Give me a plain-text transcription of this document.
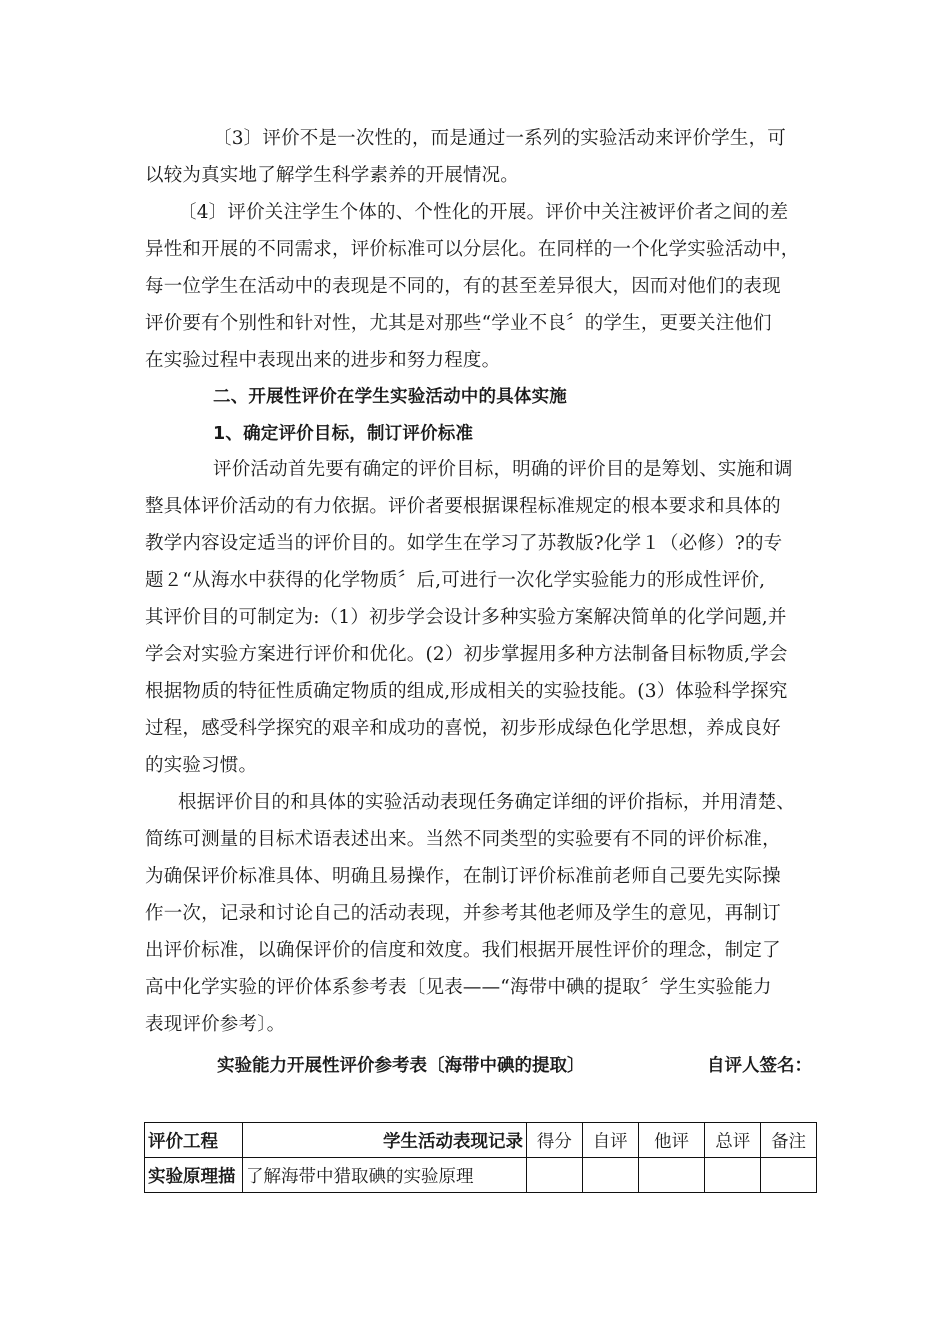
〔3〕评价不是一次性的，而是通过一系列的实验活动来评价学生，可
以较为真实地了解学生科学素养的开展情况。
〔4〕评价关注学生个体的、个性化的开展。评价中关注被评价者之间的差
异性和开展的不同需求，评价标准可以分层化。在同样的一个化学实验活动中，
每一位学生在活动中的表现是不同的，有的甚至差异很大，因而对他们的表现
评价要有个别性和针对性，尤其是对那些“学业不良〞的学生，更要关注他们
在实验过程中表现出来的进步和努力程度。
二、开展性评价在学生实验活动中的具体实施
1、确定评价目标，制订评价标准
评价活动首先要有确定的评价目标，明确的评价目的是筹划、实施和调
整具体评价活动的有力依据。评价者要根据课程标准规定的根本要求和具体的
教学内容设定适当的评价目的。如学生在学习了苏教版?化学１（必修）?的专
题２“从海水中获得的化学物质〞后,可进行一次化学实验能力的形成性评价,
其评价目的可制定为:（1）初步学会设计多种实验方案解决简单的化学问题,并
学会对实验方案进行评价和优化。(2）初步掌握用多种方法制备目标物质,学会
根据物质的特征性质确定物质的组成,形成相关的实验技能。(3）体验科学探究
过程，感受科学探究的艰辛和成功的喜悦，初步形成绿色化学思想，养成良好
的实验习惯。
根据评价目的和具体的实验活动表现任务确定详细的评价指标，并用清楚、
简练可测量的目标术语表述出来。当然不同类型的实验要有不同的评价标准，
为确保评价标准具体、明确且易操作，在制订评价标准前老师自己要先实际操
作一次，记录和讨论自己的活动表现，并参考其他老师及学生的意见，再制订
出评价标准，以确保评价的信度和效度。我们根据开展性评价的理念，制定了
高中化学实验的评价体系参考表〔见表——“海带中碘的提取〞学生实验能力
表现评价参考〕。
实验能力开展性评价参考表〔海带中碘的提取〕	自评人签名：
评价工程	学生活动表现记录	得分	自评	他评	总评	备注
实验原理描	了解海带中猎取碘的实验原理					
